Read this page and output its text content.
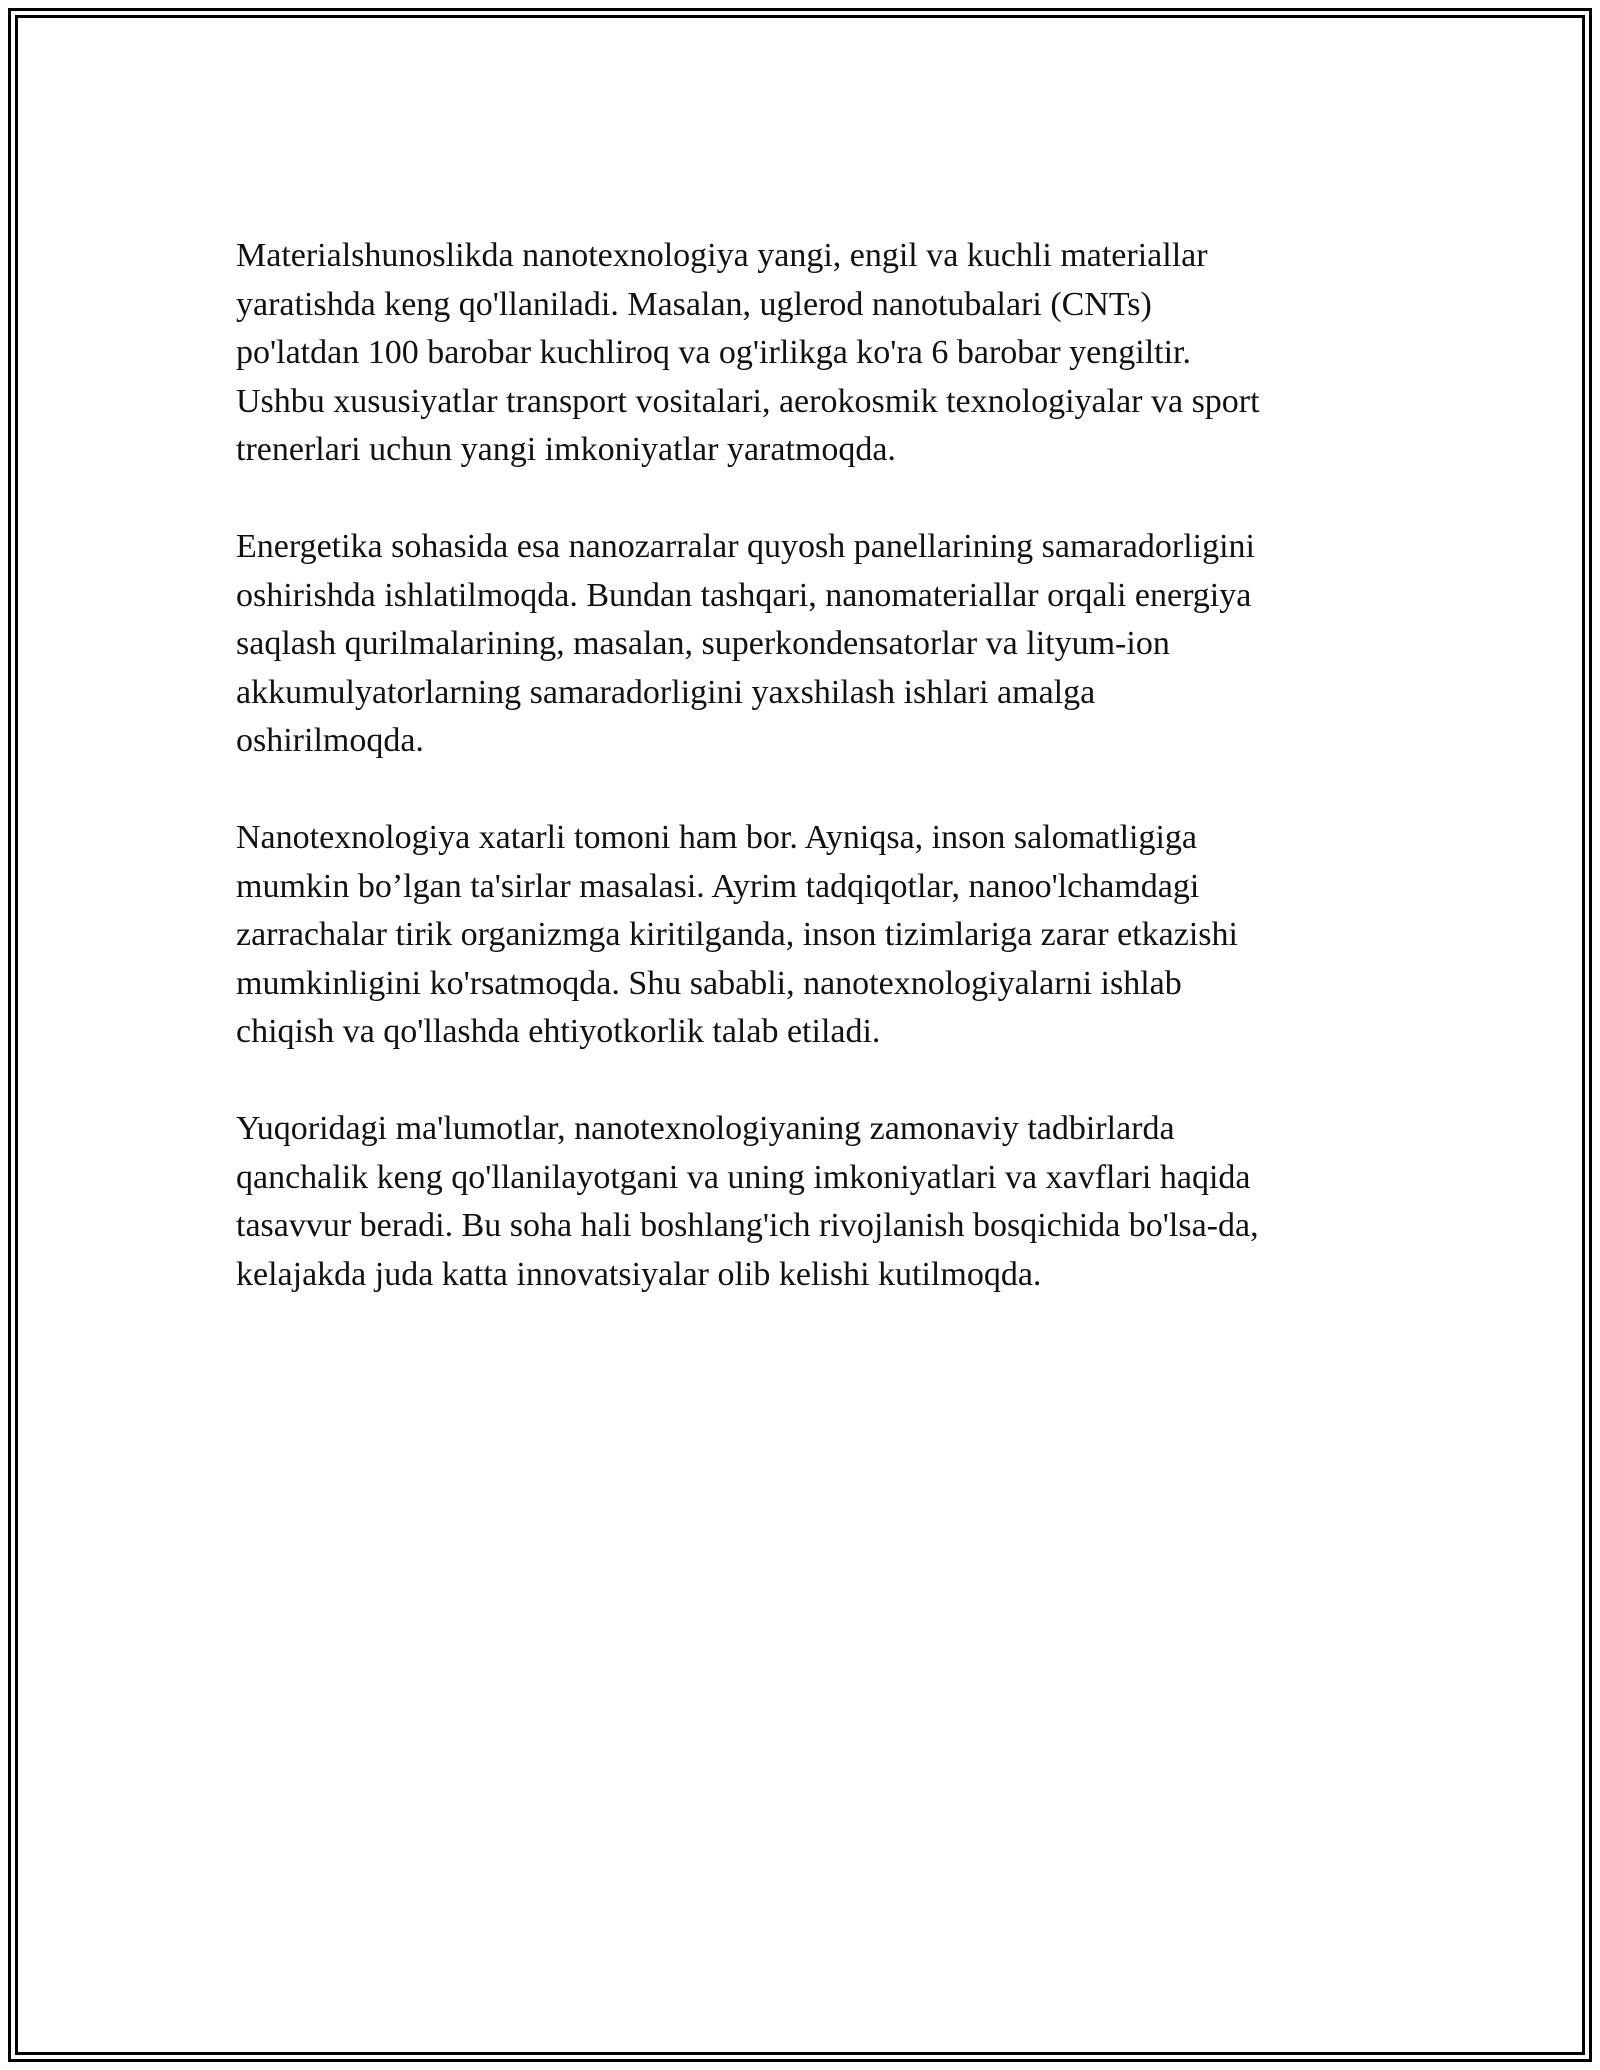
Materialshunoslikda nanotexnologiya yangi, engil va kuchli materiallar
yaratishda keng qo'llaniladi. Masalan, uglerod nanotubalari (CNTs)
po'latdan 100 barobar kuchliroq va og'irlikga ko'ra 6 barobar yengiltir.
Ushbu xususiyatlar transport vositalari, aerokosmik texnologiyalar va sport
trenerlari uchun yangi imkoniyatlar yaratmoqda.

Energetika sohasida esa nanozarralar quyosh panellarining samaradorligini
oshirishda ishlatilmoqda. Bundan tashqari, nanomateriallar orqali energiya
saqlash qurilmalarining, masalan, superkondensatorlar va lityum-ion
akkumulyatorlarning samaradorligini yaxshilash ishlari amalga
oshirilmoqda.

Nanotexnologiya xatarli tomoni ham bor. Ayniqsa, inson salomatligiga
mumkin bo’lgan ta'sirlar masalasi. Ayrim tadqiqotlar, nanoo'lchamdagi
zarrachalar tirik organizmga kiritilganda, inson tizimlariga zarar etkazishi
mumkinligini ko'rsatmoqda. Shu sababli, nanotexnologiyalarni ishlab
chiqish va qo'llashda ehtiyotkorlik talab etiladi.

Yuqoridagi ma'lumotlar, nanotexnologiyaning zamonaviy tadbirlarda
qanchalik keng qo'llanilayotgani va uning imkoniyatlari va xavflari haqida
tasavvur beradi. Bu soha hali boshlang'ich rivojlanish bosqichida bo'lsa-da,
kelajakda juda katta innovatsiyalar olib kelishi kutilmoqda.
